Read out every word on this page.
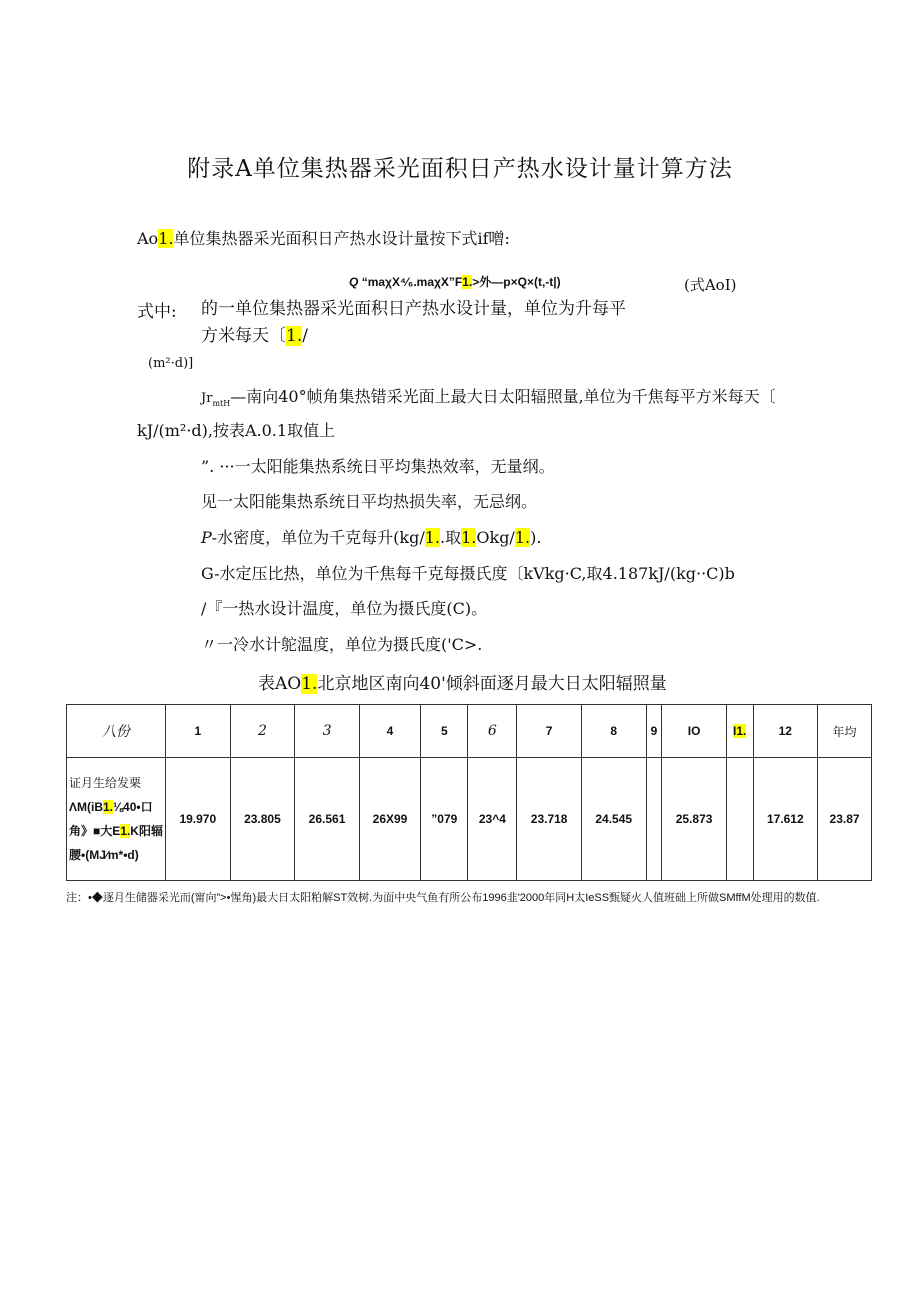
附录A单位集热器采光面积日产热水设计量计算方法
Ao1.单位集热器采光面积日产热水设计量按下式if噌:
Q “maχX⁴⁄₆.maχX”F1.>外—p×Q×(t,-t|)	(式AoI)
式中: 的一单位集热器采光面积日产热水设计量，单位为升每平
方米每天〔1./
(m²·d)]
$Jr_{mtH}—$南向40°帧角集热错采光面上最大日太阳辐照量,单位为千焦每平方米每天〔
kJ/(m²·d),按表A.0.1取值上
”. ···一太阳能集热系统日平均集热效率，无量纲。
见一太阳能集热系统日平均热损失率，无忌纲。
P-水密度，单位为千克每升(kg/1..取1.Okg/1.).
G-水定压比热，单位为千焦每千克每摄氏度〔kVkg·C,取4.187kJ/(kg··C)b
/『一热水设计温度，单位为摄氏度(C)。
〃一冷水计鸵温度，单位为摄氏度('C>.
表AO1.北京地区南向40'倾斜面逐月最大日太阳辐照量
八份	1	2	3	4	5	6	7	8	9	IO	I1.	12	年均

证月生给发栗
ΛM(iB1.⅛40•口
角》■大E1.K阳辐
腰•(MJ∕m*•d)	19.970	23.805	26.561	26X99	”079	23^4	23.718	24.545		25.873		17.612	23.87
注：•◆逐月生储器采光而(甯向”>•惺角)最大日太阳粕解ST效树.为面中央气鱼有所公布1996韭'2000年同H太IeSS甄疑火人值班础上所做SMffM处理用的数值.
